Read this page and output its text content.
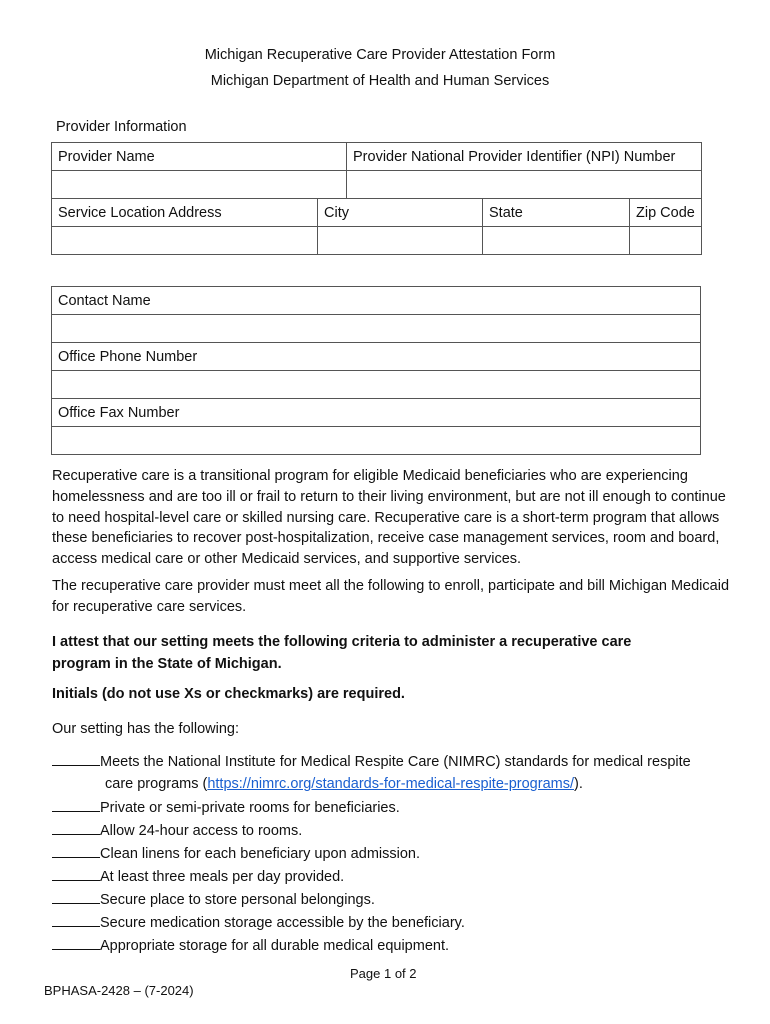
Michigan Recuperative Care Provider Attestation Form
Michigan Department of Health and Human Services
Provider Information
Provider Name		Provider National Provider Identifier (NPI) Number		

Service Location Address	City		State	Zip Code

Contact Name

Office Phone Number

Office Fax Number

Recuperative care is a transitional program for eligible Medicaid beneficiaries who are experiencing homelessness and are too ill or frail to return to their living environment, but are not ill enough to continue to need hospital-level care or skilled nursing care. Recuperative care is a short-term program that allows these beneficiaries to recover post-hospitalization, receive case management services, room and board, access medical care or other Medicaid services, and supportive services.
The recuperative care provider must meet all the following to enroll, participate and bill Michigan Medicaid for recuperative care services.
I attest that our setting meets the following criteria to administer a recuperative care program in the State of Michigan.
Initials (do not use Xs or checkmarks) are required.
Our setting has the following:
Meets the National Institute for Medical Respite Care (NIMRC) standards for medical respite
care programs (https://nimrc.org/standards-for-medical-respite-programs/).
Private or semi-private rooms for beneficiaries.
Allow 24-hour access to rooms.
Clean linens for each beneficiary upon admission.
At least three meals per day provided.
Secure place to store personal belongings.
Secure medication storage accessible by the beneficiary.
Appropriate storage for all durable medical equipment.
Page 1 of 2
BPHASA-2428 – (7-2024)
